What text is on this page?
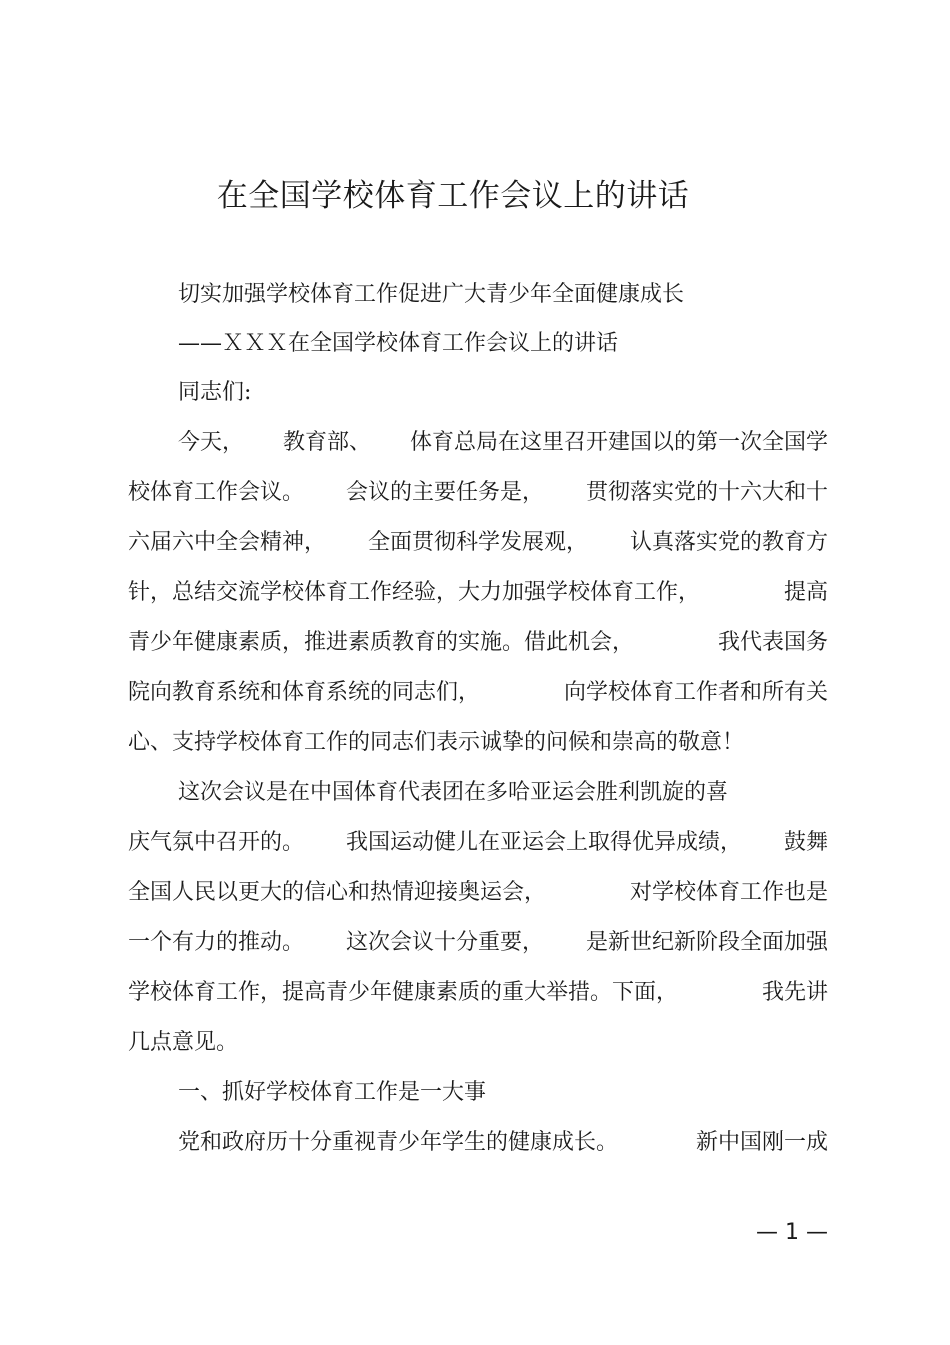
在全国学校体育工作会议上的讲话
切实加强学校体育工作促进广大青少年全面健康成长
——ＸＸＸ在全国学校体育工作会议上的讲话
同志们:
今天， 教育部、 体育总局在这里召开建国以的第一次全国学
校体育工作会议。 会议的主要任务是， 贯彻落实党的十六大和十
六届六中全会精神， 全面贯彻科学发展观， 认真落实党的教育方
针，总结交流学校体育工作经验，大力加强学校体育工作，	提高
青少年健康素质，推进素质教育的实施。借此机会，	我代表国务
院向教育系统和体育系统的同志们，	向学校体育工作者和所有关
心、支持学校体育工作的同志们表示诚挚的问候和崇高的敬意！
这次会议是在中国体育代表团在多哈亚运会胜利凯旋的喜
庆气氛中召开的。 我国运动健儿在亚运会上取得优异成绩， 鼓舞
全国人民以更大的信心和热情迎接奥运会，	对学校体育工作也是
一个有力的推动。 这次会议十分重要， 是新世纪新阶段全面加强
学校体育工作，提高青少年健康素质的重大举措。下面，	我先讲
几点意见。
一、抓好学校体育工作是一大事
党和政府历十分重视青少年学生的健康成长。	新中国刚一成
— 1 —
